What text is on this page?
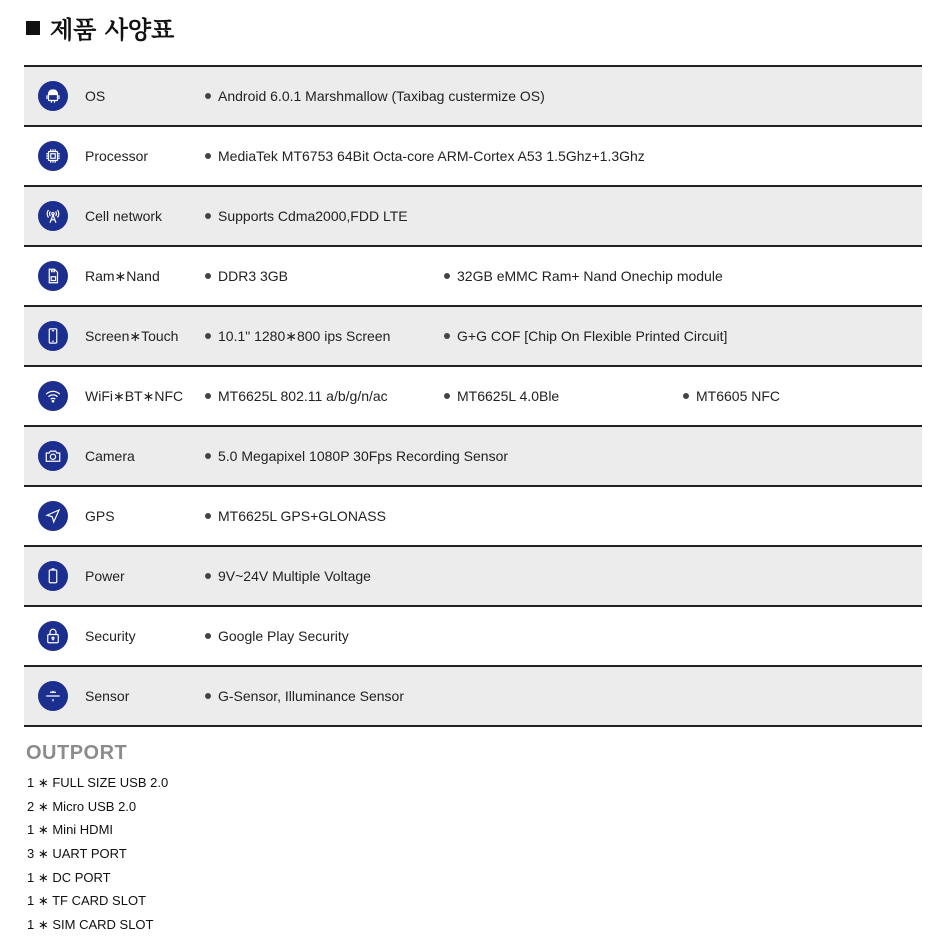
제품 사양표
OS	Android 6.0.1 Marshmallow (Taxibag custermize OS)
Processor	MediaTek MT6753 64Bit Octa-core ARM-Cortex A53 1.5Ghz+1.3Ghz
Cell network	Supports Cdma2000,FDD LTE
Ram∗Nand	DDR3 3GB	32GB eMMC Ram+ Nand Onechip module
Screen∗Touch	10.1" 1280∗800 ips Screen	G+G COF [Chip On Flexible Printed Circuit]
WiFi∗BT∗NFC	MT6625L 802.11 a/b/g/n/ac	MT6625L 4.0Ble	MT6605 NFC
Camera	5.0 Megapixel 1080P 30Fps Recording Sensor
GPS	MT6625L GPS+GLONASS
Power	9V~24V Multiple Voltage
Security	Google Play Security
Sensor	G-Sensor, Illuminance Sensor
OUTPORT
1 ∗ FULL SIZE USB 2.0
2 ∗ Micro USB 2.0
1 ∗ Mini HDMI
3 ∗ UART PORT
1 ∗ DC PORT
1 ∗ TF CARD SLOT
1 ∗ SIM CARD SLOT
